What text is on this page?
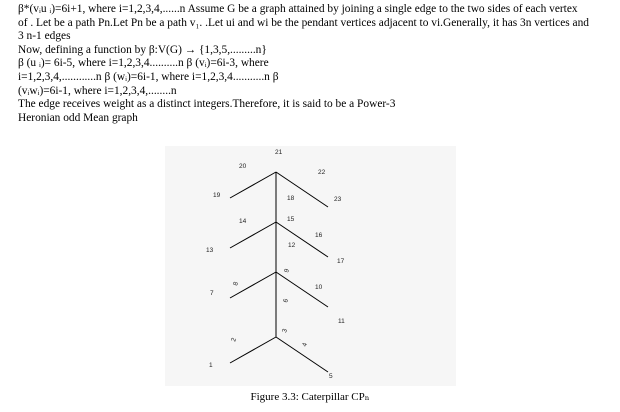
β*(vᵢu ᵢ)=6i+1, where i=1,2,3,4,......n Assume G be a graph attained by joining a single edge to the two sides of each vertex
of . Let be a path Pn.Let Pn be a path v₁. .Let ui and wi be the pendant vertices adjacent to vi.Generally, it has 3n vertices and
3 n-1 edges
Now, defining a function by β:V(G) → {1,3,5,.........n}
β (u ᵢ)= 6i-5, where i=1,2,3,4..........n β (vᵢ)=6i-3, where
i=1,2,3,4,............n β (wᵢ)=6i-1, where i=1,2,3,4...........n β
(vᵢwᵢ)=6i-1, where i=1,2,3,4,........n
The edge receives weight as a distinct integers.Therefore, it is said to be a Power-3
Heronian odd Mean graph
1
2
3
4
5
6
7
8
9
10
11
12
13
14	15
16
17
18
19
20
21
22
23
Figure 3.3: Caterpillar CPₙ
